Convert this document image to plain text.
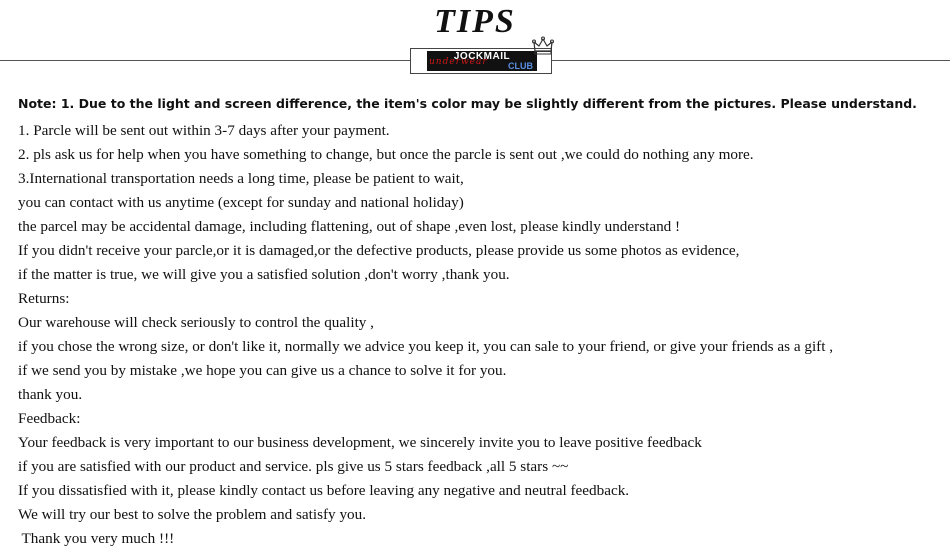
TIPS
JOCKMAIL
underwear CLUB
Note: 1. Due to the light and screen difference, the item's color may be slightly different from the pictures. Please understand.
1. Parcle will be sent out within 3-7 days after your payment.
2. pls ask us for help when you have something to change, but once the parcle is sent out ,we could do nothing any more.
3.International transportation needs a long time, please be patient to wait,
you can contact with us anytime (except for sunday and national holiday)
the parcel may be accidental damage, including flattening, out of shape ,even lost, please kindly understand !
If you didn't receive your parcle,or it is damaged,or the defective products, please provide us some photos as evidence,
if the matter is true, we will give you a satisfied solution ,don't worry ,thank you.
Returns:
Our warehouse will check seriously to control the quality ,
if you chose the wrong size, or don't like it, normally we advice you keep it, you can sale to your friend, or give your friends as a gift ,
if we send you by mistake ,we hope you can give us a chance to solve it for you.
thank you.
Feedback:
Your feedback is very important to our business development, we sincerely invite you to leave positive feedback
if you are satisfied with our product and service. pls give us 5 stars feedback ,all 5 stars ~~
If you dissatisfied with it, please kindly contact us before leaving any negative and neutral feedback.
We will try our best to solve the problem and satisfy you.
Thank you very much !!!
